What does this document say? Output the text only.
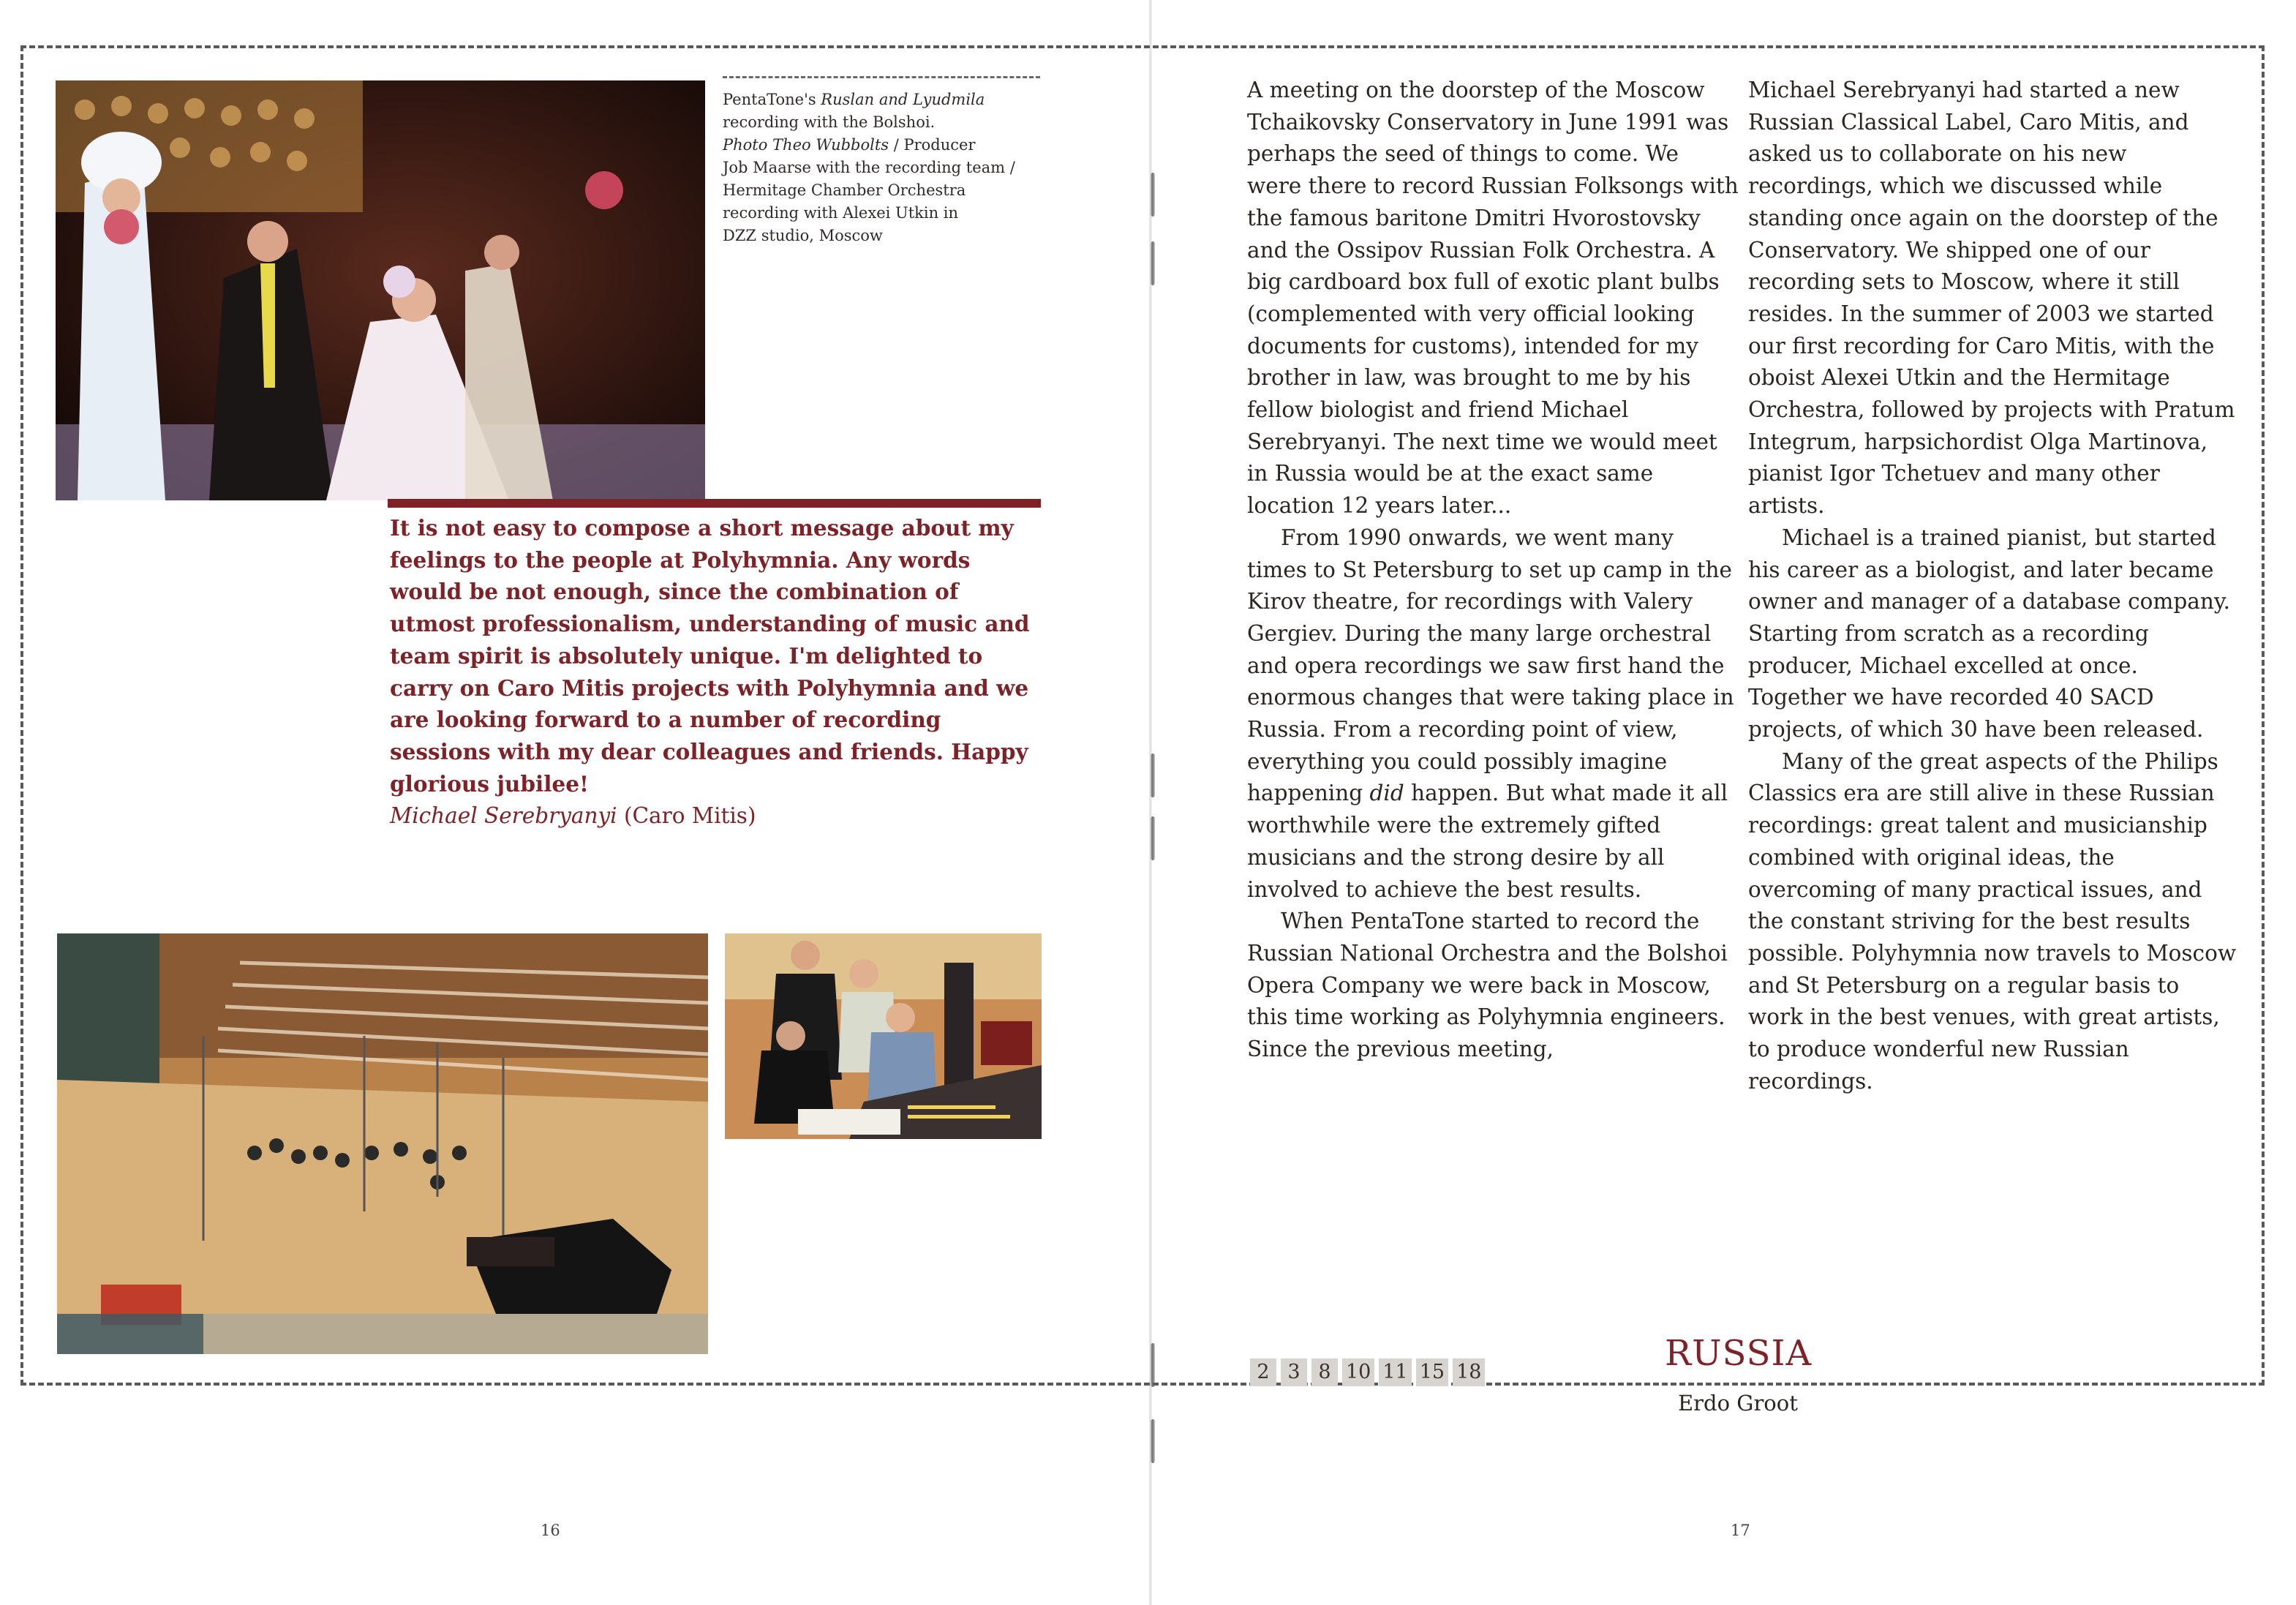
PentaTone's Ruslan and Lyudmila
recording with the Bolshoi.
Photo Theo Wubbolts / Producer
Job Maarse with the recording team /
Hermitage Chamber Orchestra
recording with Alexei Utkin in
DZZ studio, Moscow
It is not easy to compose a short message about my feelings to the people at Polyhymnia. Any words would be not enough, since the combination of utmost professionalism, understanding of music and team spirit is absolutely unique. I'm delighted to carry on Caro Mitis projects with Polyhymnia and we are looking forward to a number of recording sessions with my dear colleagues and friends. Happy glorious jubilee!
Michael Serebryanyi (Caro Mitis)

A meeting on the doorstep of the Moscow Tchaikovsky Conservatory in June 1991 was perhaps the seed of things to come. We were there to record Russian Folksongs with the famous baritone Dmitri Hvorostovsky and the Ossipov Russian Folk Orchestra. A big cardboard box full of exotic plant bulbs (complemented with very official looking documents for customs), intended for my brother in law, was brought to me by his fellow biologist and friend Michael Serebryanyi. The next time we would meet in Russia would be at the exact same location 12 years later...

From 1990 onwards, we went many times to St Petersburg to set up camp in the Kirov theatre, for recordings with Valery Gergiev. During the many large orchestral and opera recordings we saw first hand the enormous changes that were taking place in Russia. From a recording point of view, everything you could possibly imagine happening did happen. But what made it all worthwhile were the extremely gifted musicians and the strong desire by all involved to achieve the best results.

When PentaTone started to record the Russian National Orchestra and the Bolshoi Opera Company we were back in Moscow, this time working as Polyhymnia engineers. Since the previous meeting,

Michael Serebryanyi had started a new Russian Classical Label, Caro Mitis, and asked us to collaborate on his new recordings, which we discussed while standing once again on the doorstep of the Conservatory. We shipped one of our recording sets to Moscow, where it still resides. In the summer of 2003 we started our first recording for Caro Mitis, with the oboist Alexei Utkin and the Hermitage Orchestra, followed by projects with Pratum Integrum, harpsichordist Olga Martinova, pianist Igor Tchetuev and many other artists.

Michael is a trained pianist, but started his career as a biologist, and later became owner and manager of a database company. Starting from scratch as a recording producer, Michael excelled at once. Together we have recorded 40 SACD projects, of which 30 have been released.

Many of the great aspects of the Philips Classics era are still alive in these Russian recordings: great talent and musicianship combined with original ideas, the overcoming of many practical issues, and the constant striving for the best results possible. Polyhymnia now travels to Moscow and St Petersburg on a regular basis to work in the best venues, with great artists, to produce wonderful new Russian recordings.

2 3 8 10 11 15 18	RUSSIA
Erdo Groot
16	17
